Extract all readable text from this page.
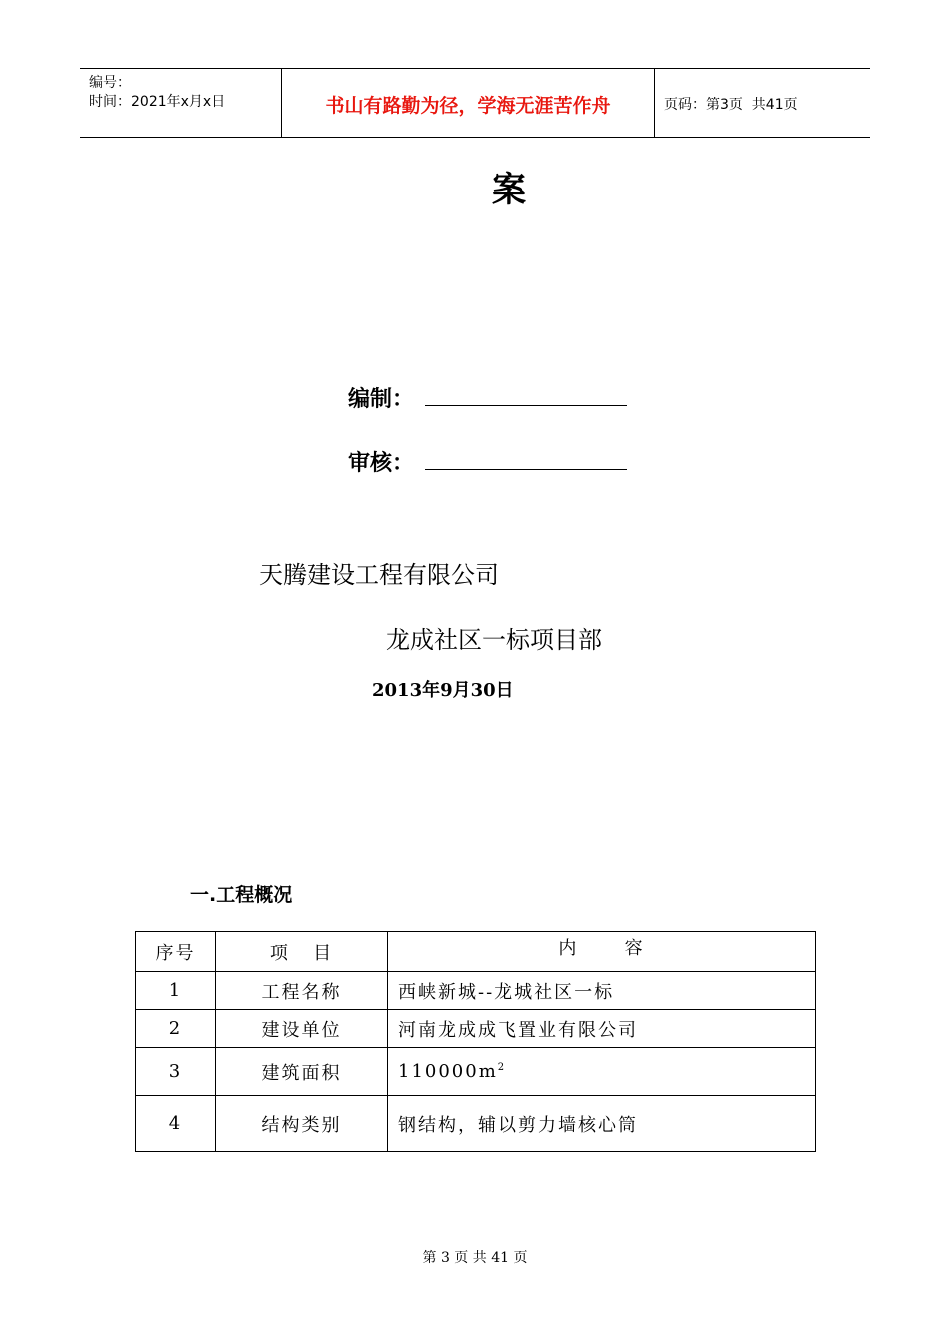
编号：
时间：2021年x月x日	书山有路勤为径，学海无涯苦作舟	页码：第3页  共41页
案
编制：
审核：
天腾建设工程有限公司
龙成社区一标项目部
2013年9月30日
一.工程概况
序号	项   目	内      容
1	工程名称	西峡新城--龙城社区一标
2	建设单位	河南龙成成飞置业有限公司
3	建筑面积	$110000m^2$
4	结构类别	钢结构，辅以剪力墙核心筒
第 3 页 共 41 页
